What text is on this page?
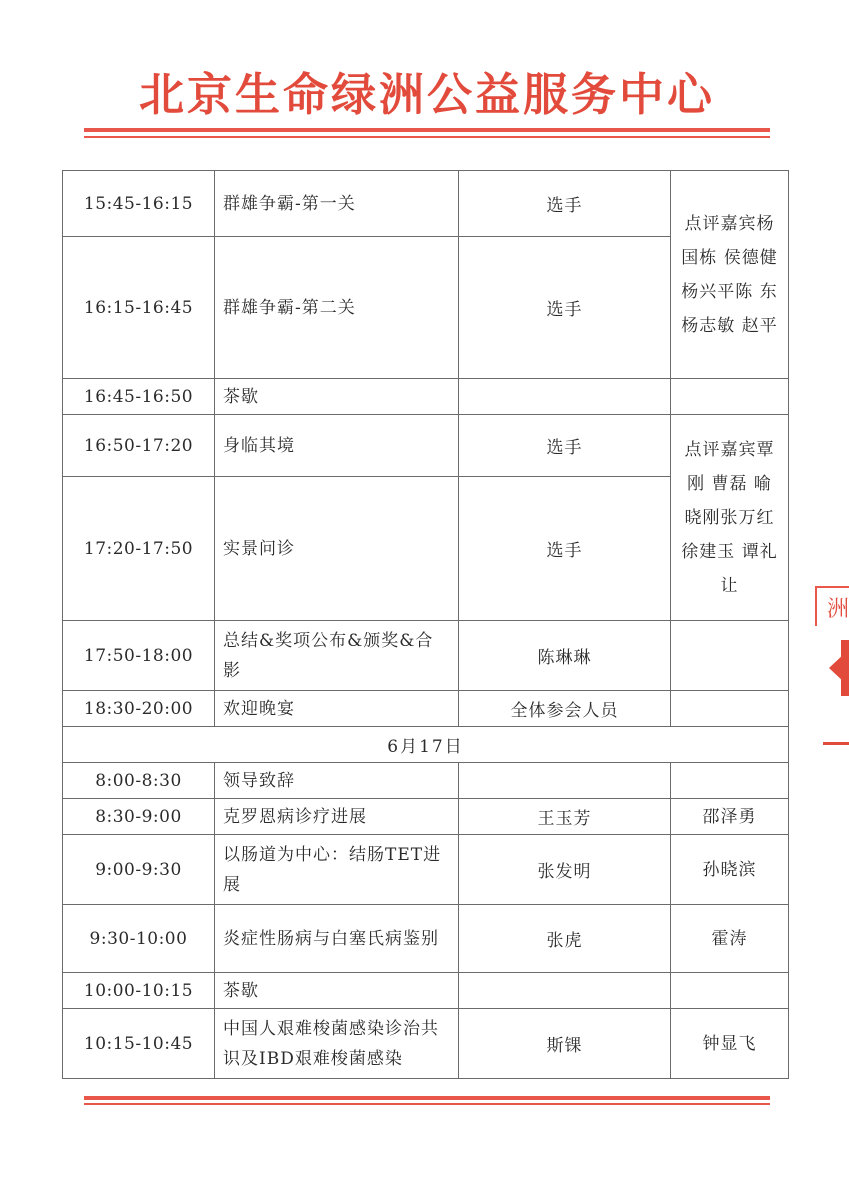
北京生命绿洲公益服务中心
15:45-16:15	群雄争霸-第一关	选手	点评嘉宾杨国栋 侯德健 杨兴平陈 东 杨志敏 赵平
16:15-16:45	群雄争霸-第二关	选手	
16:45-16:50	茶歇		
16:50-17:20	身临其境	选手	点评嘉宾覃 刚 曹磊 喻晓刚张万红 徐建玉 谭礼让
17:20-17:50	实景问诊	选手	
17:50-18:00	总结&奖项公布&颁奖&合影	陈琳琳	
18:30-20:00	欢迎晚宴	全体参会人员	
6月17日			
8:00-8:30	领导致辞		
8:30-9:00	克罗恩病诊疗进展	王玉芳	邵泽勇
9:00-9:30	以肠道为中心：结肠TET进展	张发明	孙晓滨
9:30-10:00	炎症性肠病与白塞氏病鉴别	张虎	霍涛
10:00-10:15	茶歇		
10:15-10:45	中国人艰难梭菌感染诊治共识及IBD艰难梭菌感染	斯锞	钟显飞
洲
